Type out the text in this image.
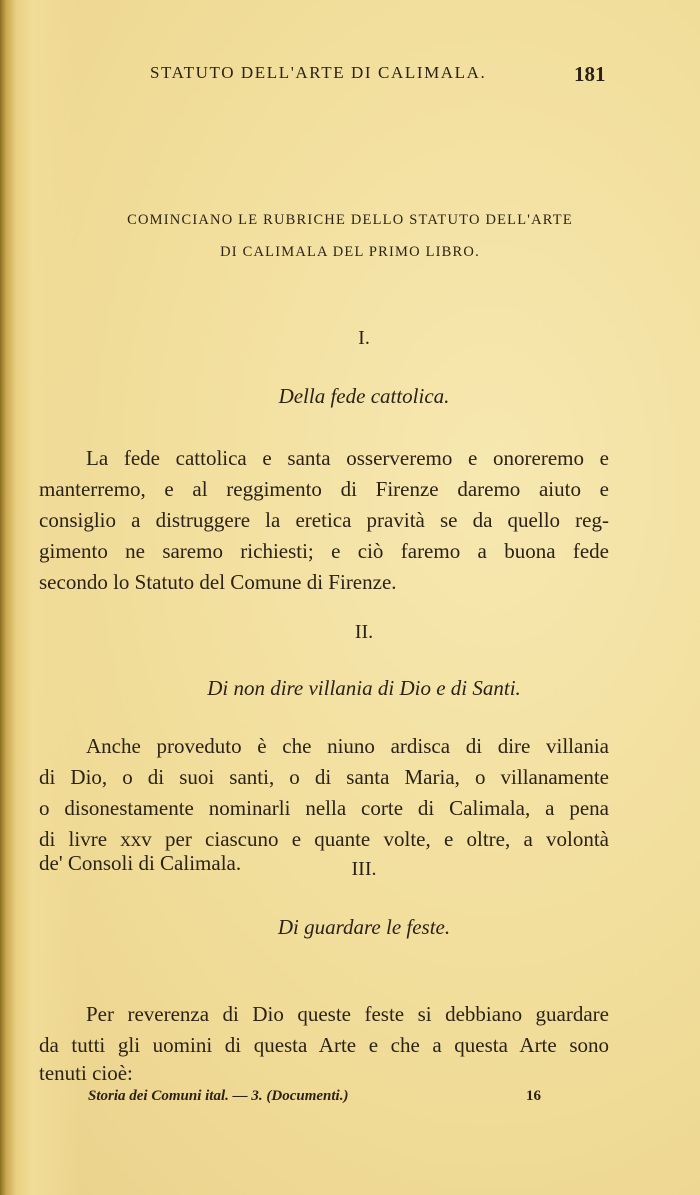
STATUTO DELL'ARTE DI CALIMALA.	181
COMINCIANO LE RUBRICHE DELLO STATUTO DELL'ARTE
DI CALIMALA DEL PRIMO LIBRO.
I.
Della fede cattolica.
La fede cattolica e santa osserveremo e onoreremo e
manterremo, e al reggimento di Firenze daremo aiuto e
consiglio a distruggere la eretica pravità se da quello reg-
gimento ne saremo richiesti; e ciò faremo a buona fede
secondo lo Statuto del Comune di Firenze.
II.
Di non dire villania di Dio e di Santi.
Anche proveduto è che niuno ardisca di dire villania
di Dio, o di suoi santi, o di santa Maria, o villanamente
o disonestamente nominarli nella corte di Calimala, a pena
di livre xxv per ciascuno e quante volte, e oltre, a volontà
de' Consoli di Calimala.	III.
Di guardare le feste.
Per reverenza di Dio queste feste si debbiano guardare
da tutti gli uomini di questa Arte e che a questa Arte sono
tenuti cioè:
Storia dei Comuni ital. — 3. (Documenti.)	16
